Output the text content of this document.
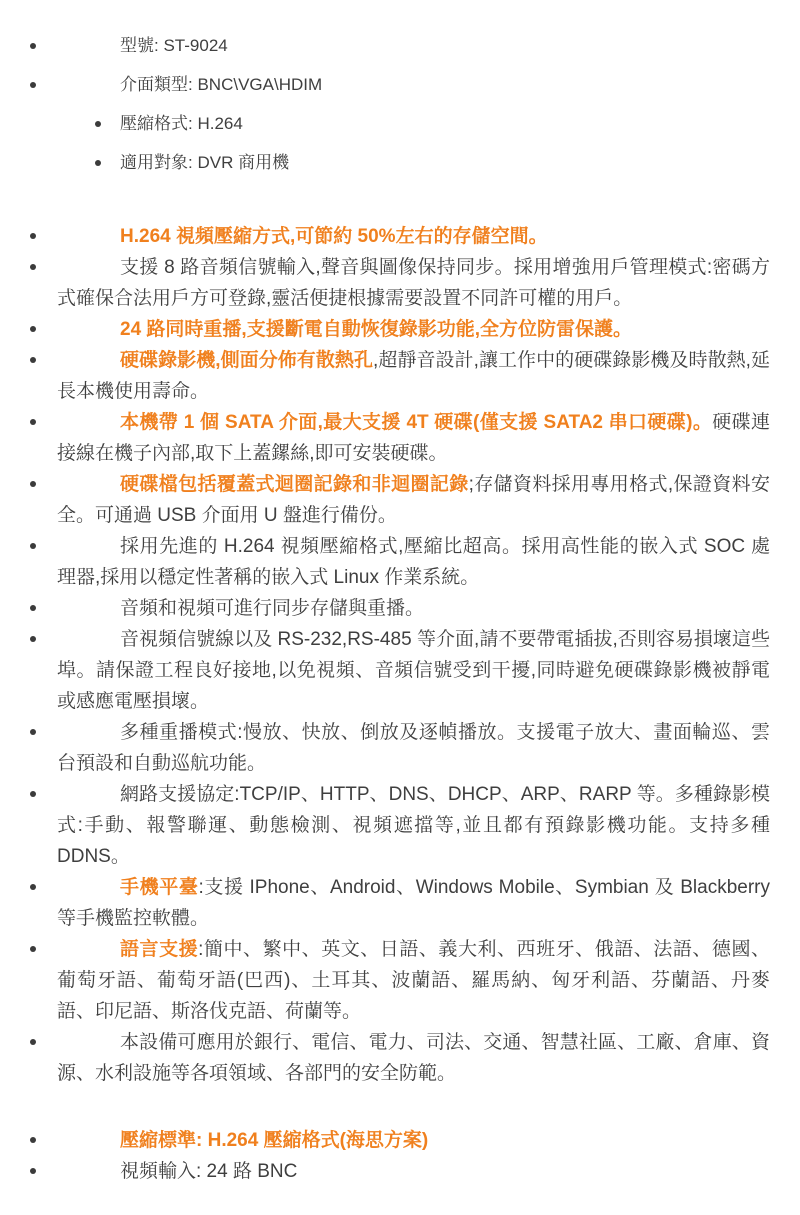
型號: ST-9024
介面類型: BNC\VGA\HDIM
壓縮格式: H.264
適用對象: DVR 商用機
H.264 視頻壓縮方式,可節約 50%左右的存儲空間。
支援 8 路音頻信號輸入,聲音與圖像保持同步。採用增強用戶管理模式:密碼方式確保合法用戶方可登錄,靈活便捷根據需要設置不同許可權的用戶。
24 路同時重播,支援斷電自動恢復錄影功能,全方位防雷保護。
硬碟錄影機,側面分佈有散熱孔,超靜音設計,讓工作中的硬碟錄影機及時散熱,延長本機使用壽命。
本機帶 1 個 SATA 介面,最大支援 4T 硬碟(僅支援 SATA2 串口硬碟)。硬碟連接線在機子內部,取下上蓋鏍絲,即可安裝硬碟。
硬碟檔包括覆蓋式迴圈記錄和非迴圈記錄;存儲資料採用專用格式,保證資料安全。可通過 USB 介面用 U 盤進行備份。
採用先進的 H.264 視頻壓縮格式,壓縮比超高。採用高性能的嵌入式 SOC 處理器,採用以穩定性著稱的嵌入式 Linux 作業系統。
音頻和視頻可進行同步存儲與重播。
音視頻信號線以及 RS-232,RS-485 等介面,請不要帶電插拔,否則容易損壞這些埠。請保證工程良好接地,以免視頻、音頻信號受到干擾,同時避免硬碟錄影機被靜電或感應電壓損壞。
多種重播模式:慢放、快放、倒放及逐幀播放。支援電子放大、畫面輪巡、雲台預設和自動巡航功能。
網路支援協定:TCP/IP、HTTP、DNS、DHCP、ARP、RARP 等。多種錄影模式:手動、報警聯運、動態檢測、視頻遮擋等,並且都有預錄影機功能。支持多種 DDNS。
手機平臺:支援 IPhone、Android、Windows Mobile、Symbian 及 Blackberry 等手機監控軟體。
語言支援:簡中、繁中、英文、日語、義大利、西班牙、俄語、法語、德國、葡萄牙語、葡萄牙語(巴西)、土耳其、波蘭語、羅馬納、匈牙利語、芬蘭語、丹麥語、印尼語、斯洛伐克語、荷蘭等。
本設備可應用於銀行、電信、電力、司法、交通、智慧社區、工廠、倉庫、資源、水利設施等各項領域、各部門的安全防範。
壓縮標準: H.264 壓縮格式(海思方案)
視頻輸入: 24 路 BNC
